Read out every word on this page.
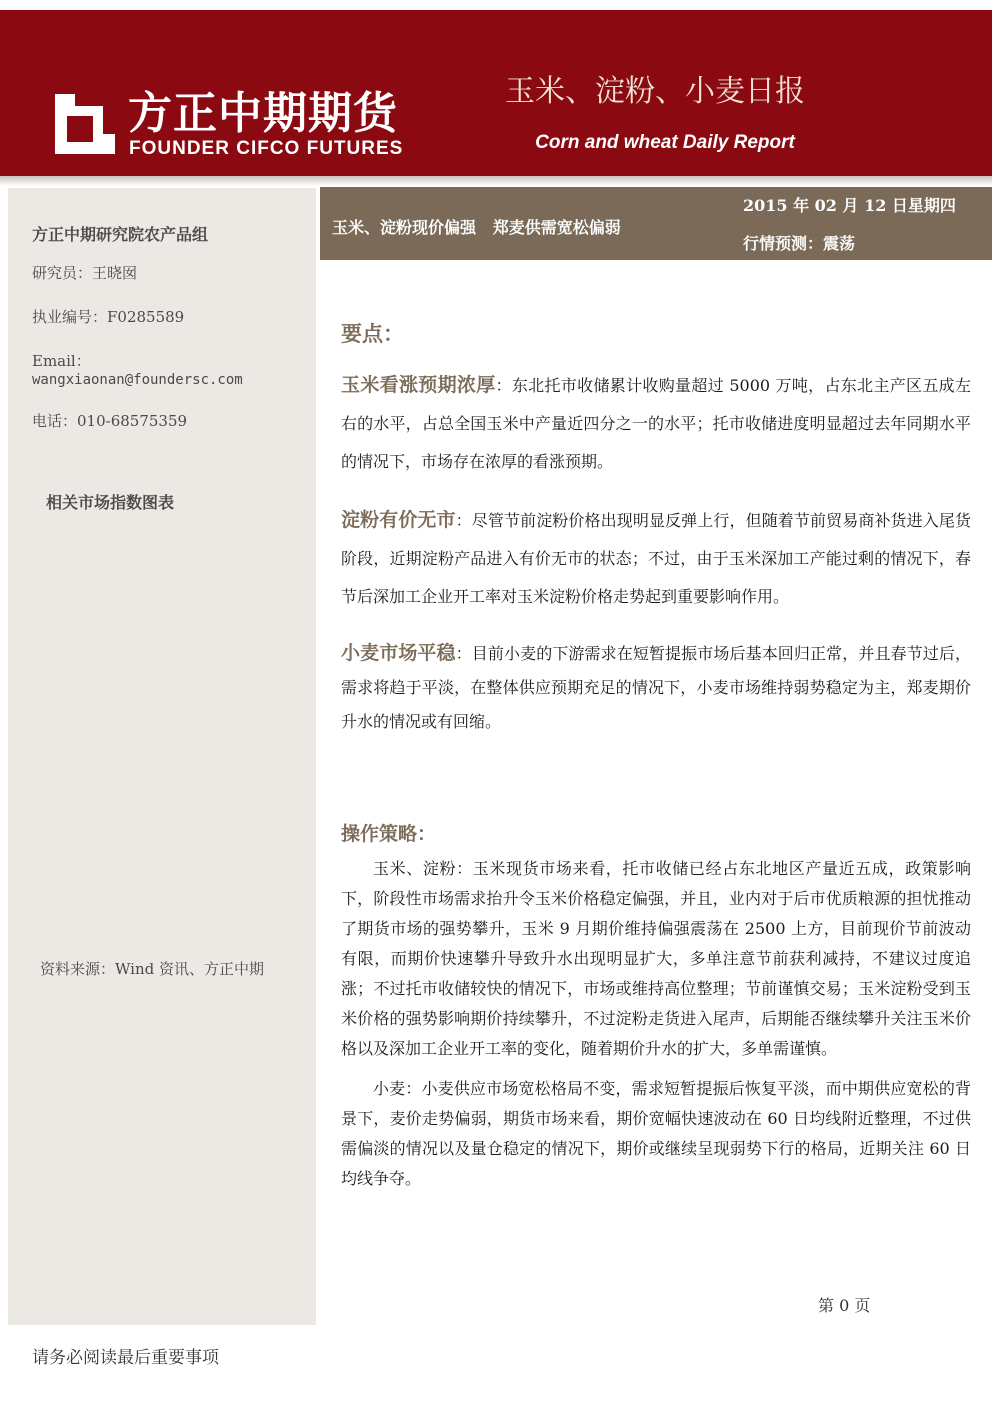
方正中期期货

FOUNDER CIFCO FUTURES

玉米、淀粉、小麦日报

Corn and wheat Daily Report

方正中期研究院农产品组

研究员：王晓囡

执业编号：F0285589

Email：

wangxiaonan@foundersc.com

电话：010-68575359

相关市场指数图表

资料来源：Wind 资讯、方正中期

玉米、淀粉现价偏强   郑麦供需宽松偏弱

2015 年 02 月 12 日星期四

行情预测：震荡

要点：

玉米看涨预期浓厚：东北托市收储累计收购量超过 5000 万吨，占东北主产区五成左右的水平，占总全国玉米中产量近四分之一的水平；托市收储进度明显超过去年同期水平的情况下，市场存在浓厚的看涨预期。

淀粉有价无市：尽管节前淀粉价格出现明显反弹上行，但随着节前贸易商补货进入尾货阶段，近期淀粉产品进入有价无市的状态；不过，由于玉米深加工产能过剩的情况下，春节后深加工企业开工率对玉米淀粉价格走势起到重要影响作用。

小麦市场平稳：目前小麦的下游需求在短暂提振市场后基本回归正常，并且春节过后，需求将趋于平淡，在整体供应预期充足的情况下，小麦市场维持弱势稳定为主，郑麦期价升水的情况或有回缩。

操作策略：

玉米、淀粉：玉米现货市场来看，托市收储已经占东北地区产量近五成，政策影响下，阶段性市场需求抬升令玉米价格稳定偏强，并且，业内对于后市优质粮源的担忧推动了期货市场的强势攀升，玉米 9 月期价维持偏强震荡在 2500 上方，目前现价节前波动有限，而期价快速攀升导致升水出现明显扩大，多单注意节前获利减持，不建议过度追涨；不过托市收储较快的情况下，市场或维持高位整理；节前谨慎交易；玉米淀粉受到玉米价格的强势影响期价持续攀升，不过淀粉走货进入尾声，后期能否继续攀升关注玉米价格以及深加工企业开工率的变化，随着期价升水的扩大，多单需谨慎。

小麦：小麦供应市场宽松格局不变，需求短暂提振后恢复平淡，而中期供应宽松的背景下，麦价走势偏弱，期货市场来看，期价宽幅快速波动在 60 日均线附近整理，不过供需偏淡的情况以及量仓稳定的情况下，期价或继续呈现弱势下行的格局，近期关注 60 日均线争夺。

第 0 页

请务必阅读最后重要事项
